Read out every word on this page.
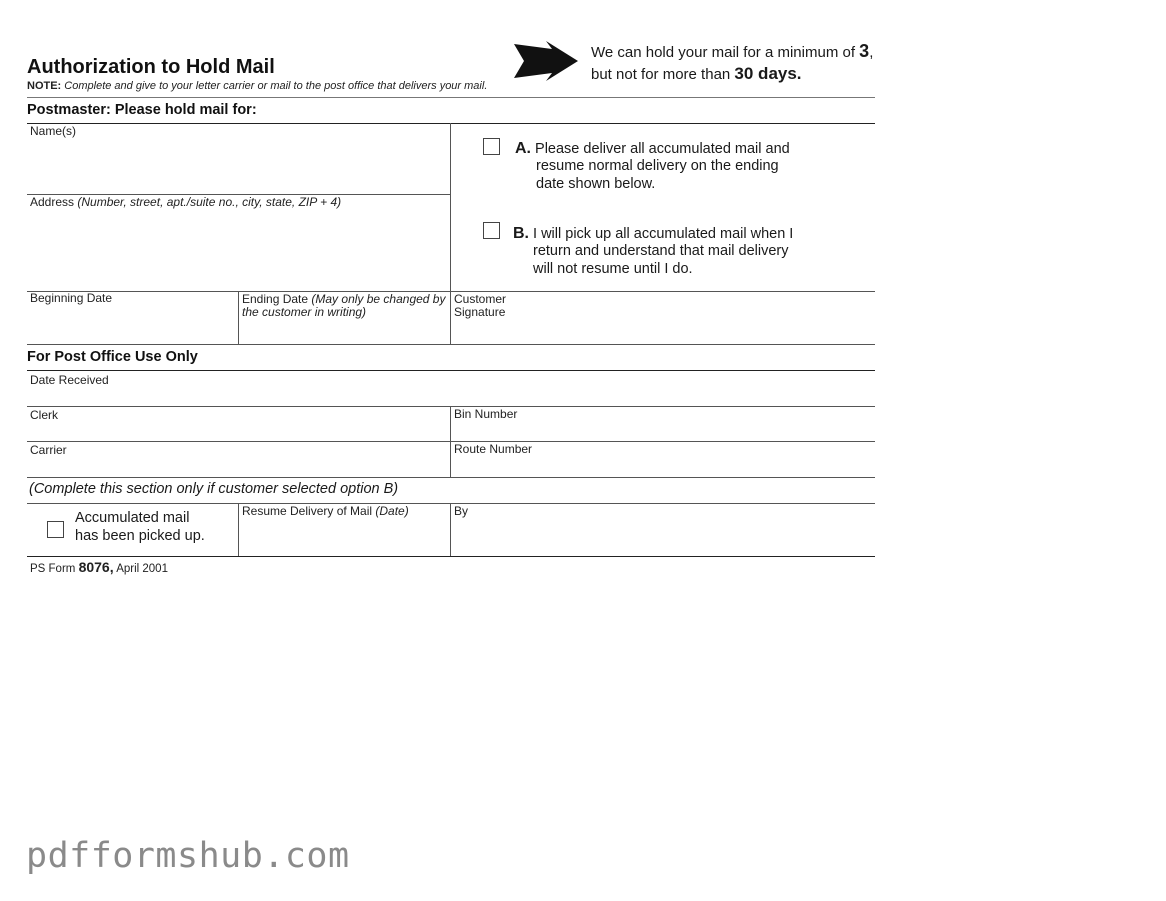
Authorization to Hold Mail
NOTE: Complete and give to your letter carrier or mail to the post office that delivers your mail.
We can hold your mail for a minimum of 3,
but not for more than 30 days.
Postmaster: Please hold mail for:
Name(s)
Address (Number, street, apt./suite no., city, state, ZIP + 4)
A. Please deliver all accumulated mail and
resume normal delivery on the ending
date shown below.
B. I will pick up all accumulated mail when I
return and understand that mail delivery
will not resume until I do.
Beginning Date	Ending Date (May only be changed by
the customer in writing)
Customer
Signature
For Post Office Use Only
Date Received
Clerk	Bin Number
Carrier	Route Number
(Complete this section only if customer selected option B)
Accumulated mail
has been picked up.
Resume Delivery of Mail (Date)	By
PS Form 8076, April 2001
pdfformshub.com
